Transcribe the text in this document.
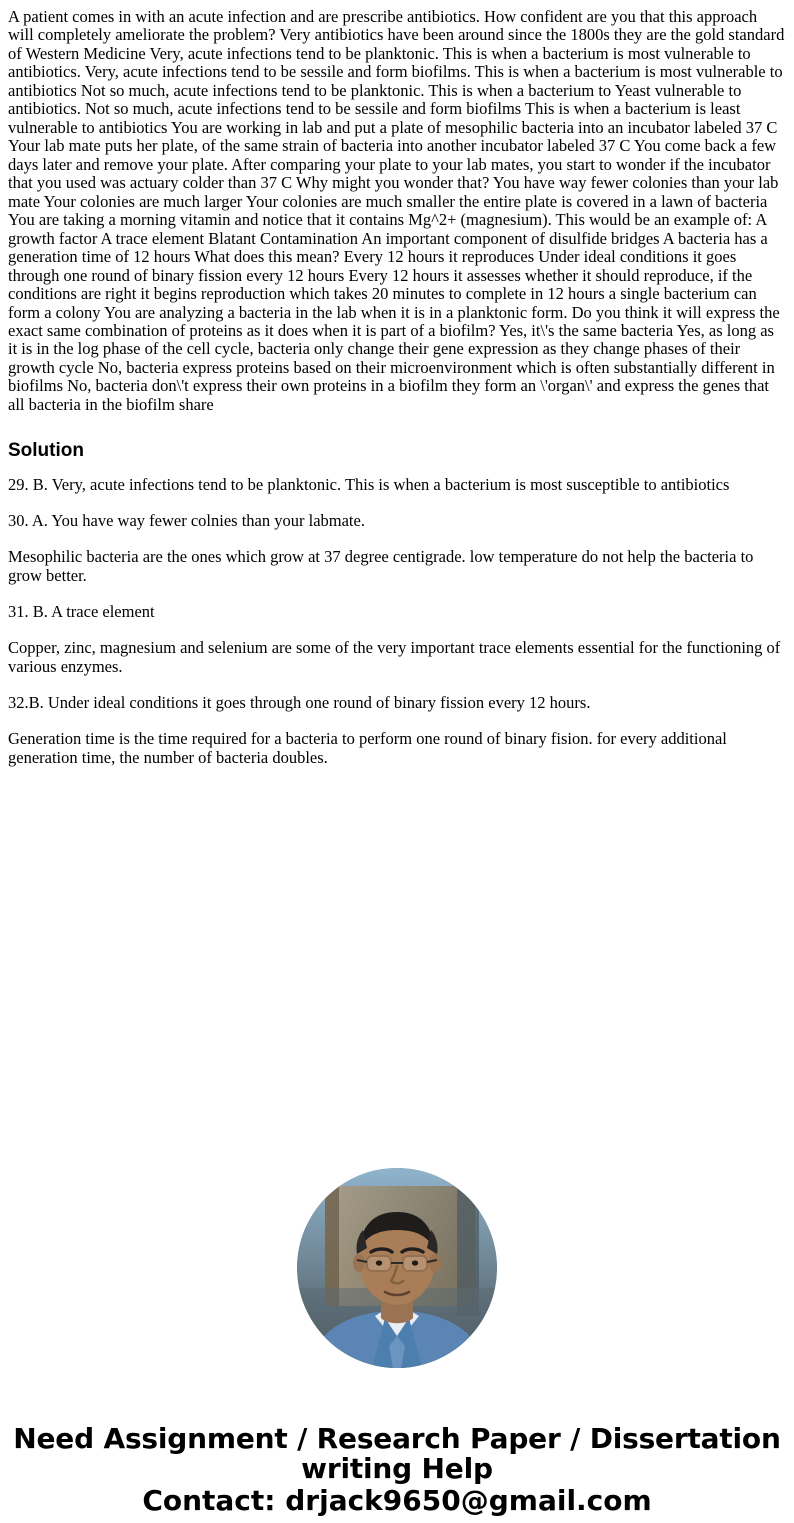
A patient comes in with an acute infection and are prescribe antibiotics. How confident are you that this approach will completely ameliorate the problem? Very antibiotics have been around since the 1800s they are the gold standard of Western Medicine Very, acute infections tend to be planktonic. This is when a bacterium is most vulnerable to antibiotics. Very, acute infections tend to be sessile and form biofilms. This is when a bacterium is most vulnerable to antibiotics Not so much, acute infections tend to be planktonic. This is when a bacterium to Yeast vulnerable to antibiotics. Not so much, acute infections tend to be sessile and form biofilms This is when a bacterium is least vulnerable to antibiotics You are working in lab and put a plate of mesophilic bacteria into an incubator labeled 37 C Your lab mate puts her plate, of the same strain of bacteria into another incubator labeled 37 C You come back a few days later and remove your plate. After comparing your plate to your lab mates, you start to wonder if the incubator that you used was actuary colder than 37 C Why might you wonder that? You have way fewer colonies than your lab mate Your colonies are much larger Your colonies are much smaller the entire plate is covered in a lawn of bacteria You are taking a morning vitamin and notice that it contains Mg^2+ (magnesium). This would be an example of: A growth factor A trace element Blatant Contamination An important component of disulfide bridges A bacteria has a generation time of 12 hours What does this mean? Every 12 hours it reproduces Under ideal conditions it goes through one round of binary fission every 12 hours Every 12 hours it assesses whether it should reproduce, if the conditions are right it begins reproduction which takes 20 minutes to complete in 12 hours a single bacterium can form a colony You are analyzing a bacteria in the lab when it is in a planktonic form. Do you think it will express the exact same combination of proteins as it does when it is part of a biofilm? Yes, it\'s the same bacteria Yes, as long as it is in the log phase of the cell cycle, bacteria only change their gene expression as they change phases of their growth cycle No, bacteria express proteins based on their microenvironment which is often substantially different in biofilms No, bacteria don\'t express their own proteins in a biofilm they form an \'organ\' and express the genes that all bacteria in the biofilm share

Solution

29. B. Very, acute infections tend to be planktonic. This is when a bacterium is most susceptible to antibiotics

30. A. You have way fewer colnies than your labmate.

Mesophilic bacteria are the ones which grow at 37 degree centigrade. low temperature do not help the bacteria to grow better.

31. B. A trace element

Copper, zinc, magnesium and selenium are some of the very important trace elements essential for the functioning of various enzymes.

32.B. Under ideal conditions it goes through one round of binary fission every 12 hours.

Generation time is the time required for a bacteria to perform one round of binary fision. for every additional generation time, the number of bacteria doubles.

Need Assignment / Research Paper / Dissertation writing Help
Contact: drjack9650@gmail.com
